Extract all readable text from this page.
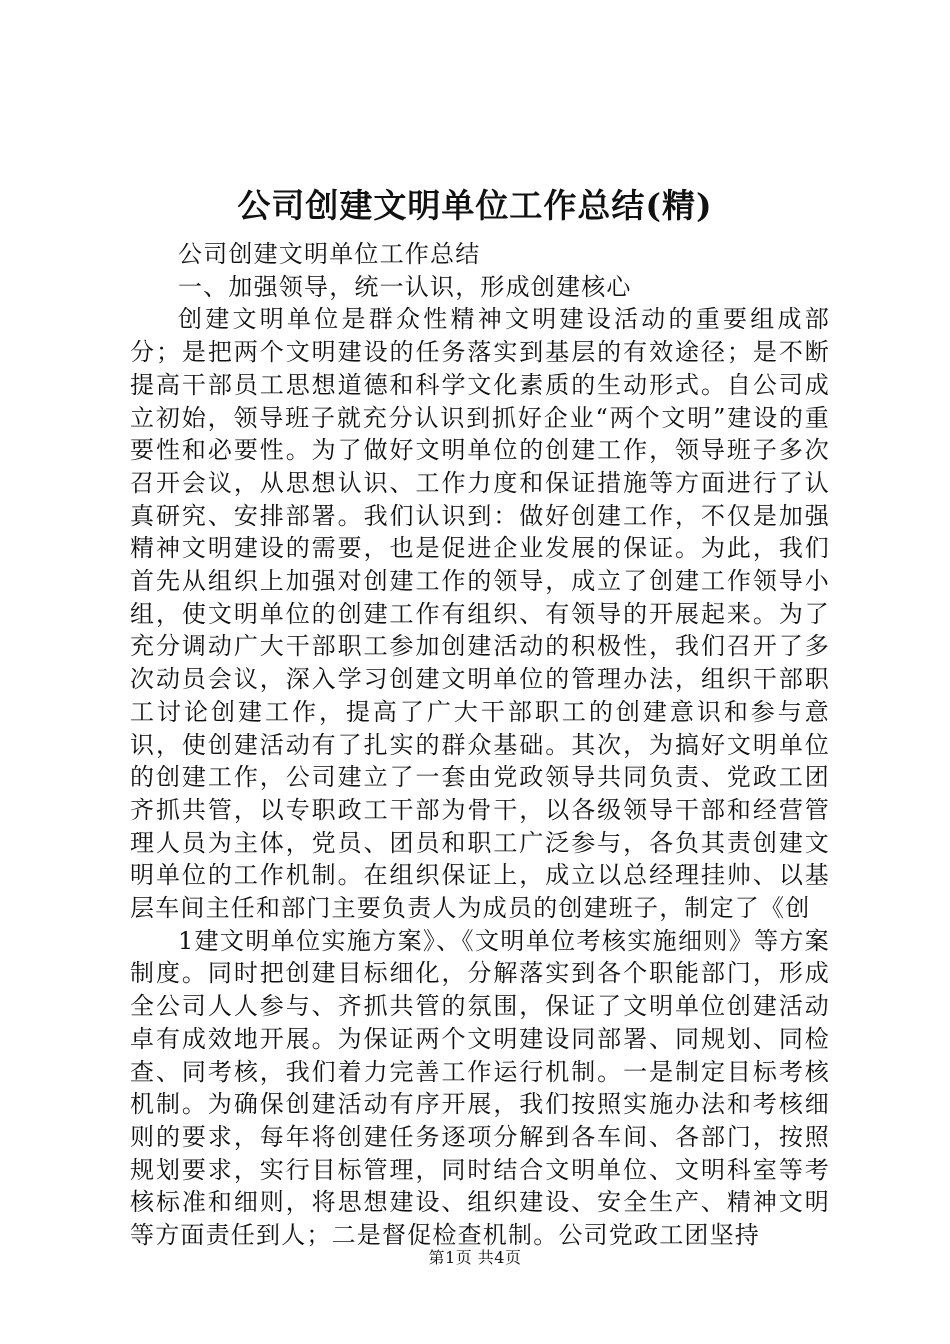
公司创建文明单位工作总结(精)

公司创建文明单位工作总结

一、加强领导，统一认识，形成创建核心

创建文明单位是群众性精神文明建设活动的重要组成部分；是把两个文明建设的任务落实到基层的有效途径；是不断提高干部员工思想道德和科学文化素质的生动形式。自公司成立初始，领导班子就充分认识到抓好企业“两个文明”建设的重要性和必要性。为了做好文明单位的创建工作，领导班子多次召开会议，从思想认识、工作力度和保证措施等方面进行了认真研究、安排部署。我们认识到：做好创建工作，不仅是加强精神文明建设的需要，也是促进企业发展的保证。为此，我们首先从组织上加强对创建工作的领导，成立了创建工作领导小组，使文明单位的创建工作有组织、有领导的开展起来。为了充分调动广大干部职工参加创建活动的积极性，我们召开了多次动员会议，深入学习创建文明单位的管理办法，组织干部职工讨论创建工作，提高了广大干部职工的创建意识和参与意识，使创建活动有了扎实的群众基础。其次，为搞好文明单位的创建工作，公司建立了一套由党政领导共同负责、党政工团齐抓共管，以专职政工干部为骨干，以各级领导干部和经营管理人员为主体，党员、团员和职工广泛参与，各负其责创建文明单位的工作机制。在组织保证上，成立以总经理挂帅、以基层车间主任和部门主要负责人为成员的创建班子，制定了《创

1建文明单位实施方案》、《文明单位考核实施细则》等方案制度。同时把创建目标细化，分解落实到各个职能部门，形成全公司人人参与、齐抓共管的氛围，保证了文明单位创建活动卓有成效地开展。为保证两个文明建设同部署、同规划、同检查、同考核，我们着力完善工作运行机制。一是制定目标考核机制。为确保创建活动有序开展，我们按照实施办法和考核细则的要求，每年将创建任务逐项分解到各车间、各部门，按照规划要求，实行目标管理，同时结合文明单位、文明科室等考核标准和细则，将思想建设、组织建设、安全生产、精神文明等方面责任到人；二是督促检查机制。公司党政工团坚持

第1页 共4页
